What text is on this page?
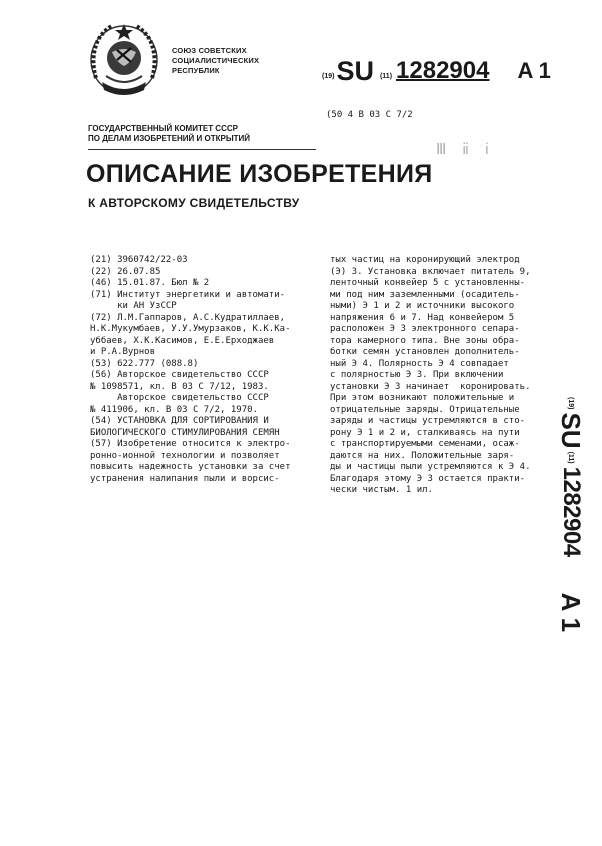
СОЮЗ СОВЕТСКИХ
СОЦИАЛИСТИЧЕСКИХ
РЕСПУБЛИК
(19) SU (11) 1282904 A 1
(50 4 В 03 С 7/2
Ⅲ ⅱ ⅰ
ГОСУДАРСТВЕННЫЙ КОМИТЕТ СССР
ПО ДЕЛАМ ИЗОБРЕТЕНИЙ И ОТКРЫТИЙ
ОПИСАНИЕ ИЗОБРЕТЕНИЯ
К АВТОРСКОМУ СВИДЕТЕЛЬСТВУ
(21) 3960742/22-03
(22) 26.07.85
(46) 15.01.87. Бюл № 2
(71) Институт энергетики и автомати-
ки АН УзССР
(72) Л.М.Гаппаров, А.С.Кудратиллаев,
Н.К.Мукумбаев, У.У.Умурзаков, К.К.Ка-
уббаев, Х.К.Касимов, Е.Е.Ерходжаев
и Р.А.Вурнов
(53) 622.777 (088.8)
(56) Авторское свидетельство СССР
№ 1098571, кл. В 03 С 7/12, 1983.
Авторское свидетельство СССР
№ 411906, кл. В 03 С 7/2, 1970.
(54) УСТАНОВКА ДЛЯ СОРТИРОВАНИЯ И
БИОЛОГИЧЕСКОГО СТИМУЛИРОВАНИЯ СЕМЯН
(57) Изобретение относится к электро-
ронно-ионной технологии и позволяет
повысить надежность установки за счет
устранения налипания пыли и ворсис-
тых частиц на коронирующий электрод
(Э) 3. Установка включает питатель 9,
ленточный конвейер 5 с установленны-
ми под ним заземленными (осадитель-
ными) Э 1 и 2 и источники высокого
напряжения 6 и 7. Над конвейером 5
расположен Э 3 электронного сепара-
тора камерного типа. Вне зоны обра-
ботки семян установлен дополнитель-
ный Э 4. Полярность Э 4 совпадает
с полярностью Э 3. При включении
установки Э 3 начинает  коронировать.
При этом возникают положительные и
отрицательные заряды. Отрицательные
заряды и частицы устремляются в сто-
рону Э 1 и 2 и, сталкиваясь на пути
с транспортируемыми семенами, осаж-
даются на них. Положительные заря-
ды и частицы пыли устремляются к Э 4.
Благодаря этому Э 3 остается практи-
чески чистым. 1 ил.
(19)
SU
(11)
1282904
A 1
